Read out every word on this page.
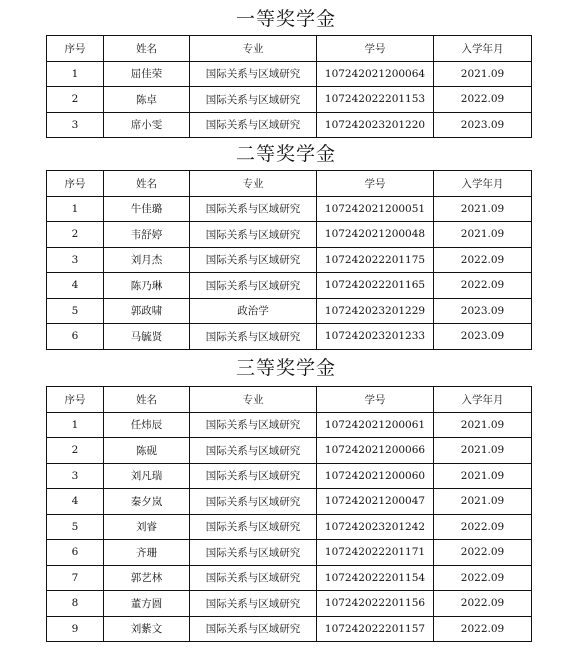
一等奖学金
序号	姓名	专业	学号	入学年月
1	屈佳荣	国际关系与区域研究	107242021200064	2021.09
2	陈卓	国际关系与区域研究	107242022201153	2022.09
3	席小雯	国际关系与区域研究	107242023201220	2023.09
二等奖学金
序号	姓名	专业	学号	入学年月
1	牛佳璐	国际关系与区域研究	107242021200051	2021.09
2	韦舒婷	国际关系与区域研究	107242021200048	2021.09
3	刘月杰	国际关系与区域研究	107242022201175	2022.09
4	陈乃琳	国际关系与区域研究	107242022201165	2022.09
5	郭政啸	政治学	107242023201229	2023.09
6	马毓贤	国际关系与区域研究	107242023201233	2023.09
三等奖学金
序号	姓名	专业	学号	入学年月
1	任炜辰	国际关系与区域研究	107242021200061	2021.09
2	陈砚	国际关系与区域研究	107242021200066	2021.09
3	刘凡瑞	国际关系与区域研究	107242021200060	2021.09
4	秦夕岚	国际关系与区域研究	107242021200047	2021.09
5	刘睿	国际关系与区域研究	107242023201242	2022.09
6	齐珊	国际关系与区域研究	107242022201171	2022.09
7	郭艺林	国际关系与区域研究	107242022201154	2022.09
8	董方圆	国际关系与区域研究	107242022201156	2022.09
9	刘紫文	国际关系与区域研究	107242022201157	2022.09
